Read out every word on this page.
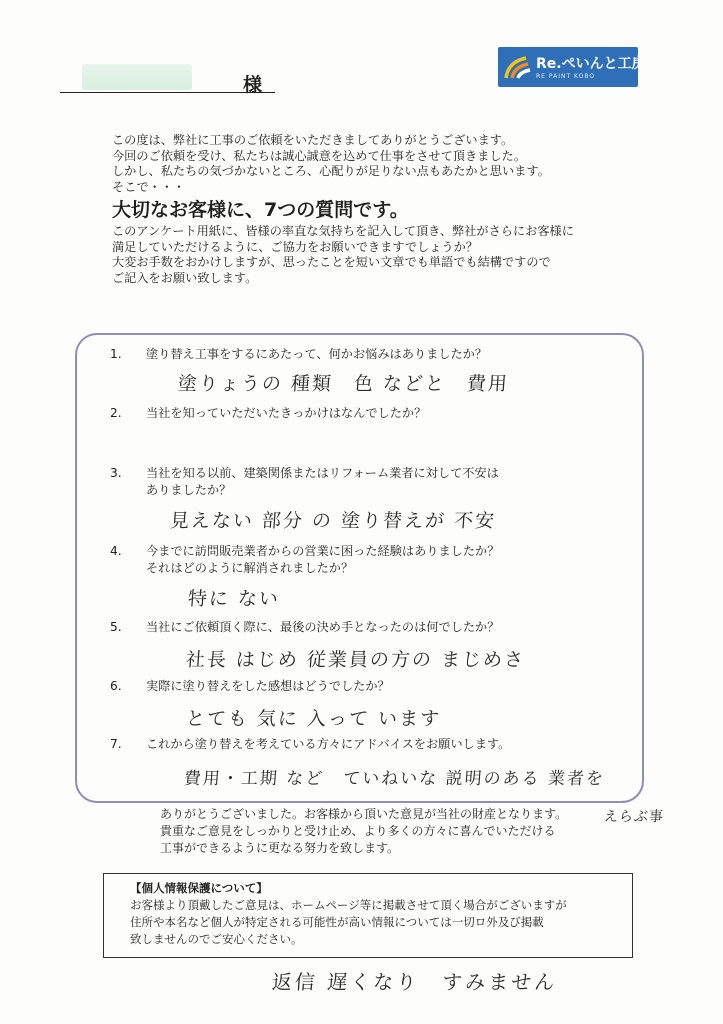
様
Re.ぺいんと工房
RE PAINT KOBO

この度は、弊社に工事のご依頼をいただきましてありがとうございます。

今回のご依頼を受け、私たちは誠心誠意を込めて仕事をさせて頂きました。

しかし、私たちの気づかないところ、心配りが足りない点もあたかと思います。

そこで・・・

大切なお客様に、7つの質問です。

このアンケート用紙に、皆様の率直な気持ちを記入して頂き、弊社がさらにお客様に

満足していただけるように、ご協力をお願いできますでしょうか？

大変お手数をおかけしますが、思ったことを短い文章でも単語でも結構ですので

ご記入をお願い致します。

1.	塗り替え工事をするにあたって、何かお悩みはありましたか？
塗りょうの 種類　色 などと　費用
2.	当社を知っていただいたきっかけはなんでしたか？
3.	当社を知る以前、建築関係またはリフォーム業者に対して不安は
ありましたか？
見えない 部分 の 塗り替えが 不安
4.	今までに訪問販売業者からの営業に困った経験はありましたか？
それはどのように解消されましたか？
特に ない
5.	当社にご依頼頂く際に、最後の決め手となったのは何でしたか？
社長 はじめ 従業員の方の まじめさ
6.	実際に塗り替えをした感想はどうでしたか？
とても 気に 入って います
7.	これから塗り替えを考えている方々にアドバイスをお願いします。
費用・工期 など　ていねいな 説明のある 業者を
えらぶ事

ありがとうございました。お客様から頂いた意見が当社の財産となります。

貴重なご意見をしっかりと受け止め、より多くの方々に喜んでいただける

工事ができるように更なる努力を致します。

【個人情報保護について】

お客様より頂戴したご意見は、ホームページ等に掲載させて頂く場合がございますが

住所や本名など個人が特定される可能性が高い情報については一切ロ外及び掲載

致しませんのでご安心ください。

返信 遅くなり　すみません
